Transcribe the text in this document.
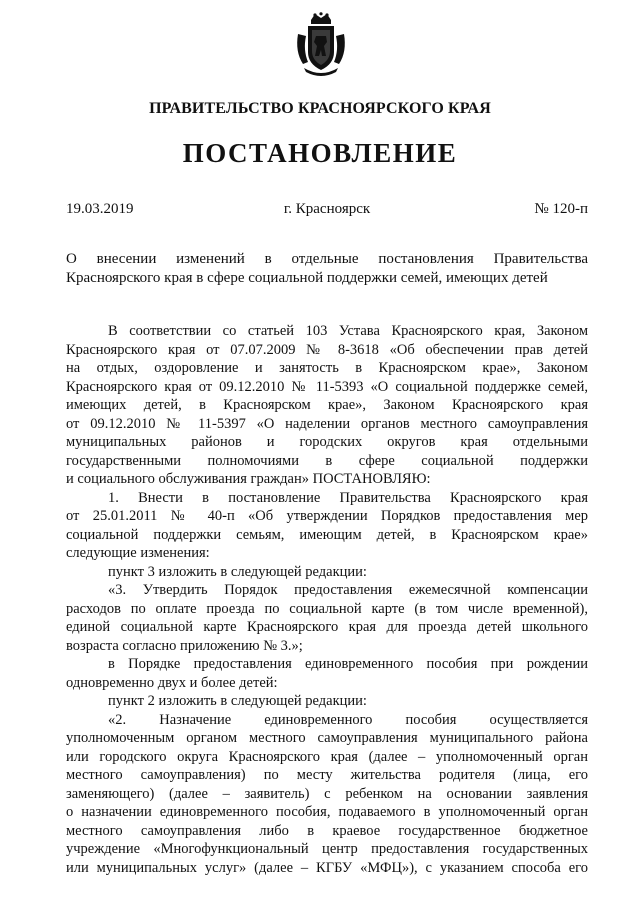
ПРАВИТЕЛЬСТВО КРАСНОЯРСКОГО КРАЯ
ПОСТАНОВЛЕНИЕ
г. Красноярск
19.03.2019	№ 120-п
О внесении изменений в отдельные постановления Правительства
Красноярского края в сфере социальной поддержки семей, имеющих детей
В соответствии со статьей 103 Устава Красноярского края, Законом
Красноярского края от 07.07.2009 № 8-3618 «Об обеспечении прав детей
на отдых, оздоровление и занятость в Красноярском крае», Законом
Красноярского края от 09.12.2010 № 11-5393 «О социальной поддержке семей,
имеющих детей, в Красноярском крае», Законом Красноярского края
от 09.12.2010 № 11-5397 «О наделении органов местного самоуправления
муниципальных районов и городских округов края отдельными
государственными полномочиями в сфере социальной поддержки
и социального обслуживания граждан» ПОСТАНОВЛЯЮ:
1. Внести в постановление Правительства Красноярского края
от 25.01.2011 № 40-п «Об утверждении Порядков предоставления мер
социальной поддержки семьям, имеющим детей, в Красноярском крае»
следующие изменения:
пункт 3 изложить в следующей редакции:
«3. Утвердить Порядок предоставления ежемесячной компенсации
расходов по оплате проезда по социальной карте (в том числе временной),
единой социальной карте Красноярского края для проезда детей школьного
возраста согласно приложению № 3.»;
в Порядке предоставления единовременного пособия при рождении
одновременно двух и более детей:
пункт 2 изложить в следующей редакции:
«2. Назначение единовременного пособия осуществляется
уполномоченным органом местного самоуправления муниципального района
или городского округа Красноярского края (далее – уполномоченный орган
местного самоуправления) по месту жительства родителя (лица, его
заменяющего) (далее – заявитель) с ребенком на основании заявления
о назначении единовременного пособия, подаваемого в уполномоченный орган
местного самоуправления либо в краевое государственное бюджетное
учреждение «Многофункциональный центр предоставления государственных
или муниципальных услуг» (далее – КГБУ «МФЦ»), с указанием способа его
